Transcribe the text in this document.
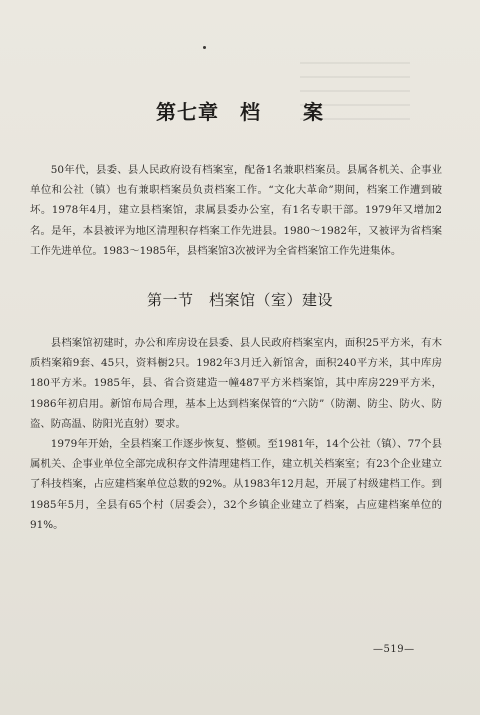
第七章　档　　案

50年代，县委、县人民政府设有档案室，配备1名兼职档案员。县属各机关、企事业单位和公社（镇）也有兼职档案员负责档案工作。“文化大革命”期间，档案工作遭到破坏。1978年4月，建立县档案馆，隶属县委办公室，有1名专职干部。1979年又增加2名。是年，本县被评为地区清理积存档案工作先进县。1980～1982年，又被评为省档案工作先进单位。1983～1985年，县档案馆3次被评为全省档案馆工作先进集体。

第一节　档案馆（室）建设

县档案馆初建时，办公和库房设在县委、县人民政府档案室内，面积25平方米，有木质档案箱9套、45只，资料橱2只。1982年3月迁入新馆舍，面积240平方米，其中库房180平方米。1985年，县、省合资建造一幢487平方米档案馆，其中库房229平方米，1986年初启用。新馆布局合理，基本上达到档案保管的“六防”（防潮、防尘、防火、防盗、防高温、防阳光直射）要求。

1979年开始，全县档案工作逐步恢复、整顿。至1981年，14个公社（镇）、77个县属机关、企事业单位全部完成积存文件清理建档工作，建立机关档案室；有23个企业建立了科技档案，占应建档案单位总数的92%。从1983年12月起，开展了村级建档工作。到1985年5月，全县有65个村（居委会），32个乡镇企业建立了档案，占应建档案单位的91%。

—519—
